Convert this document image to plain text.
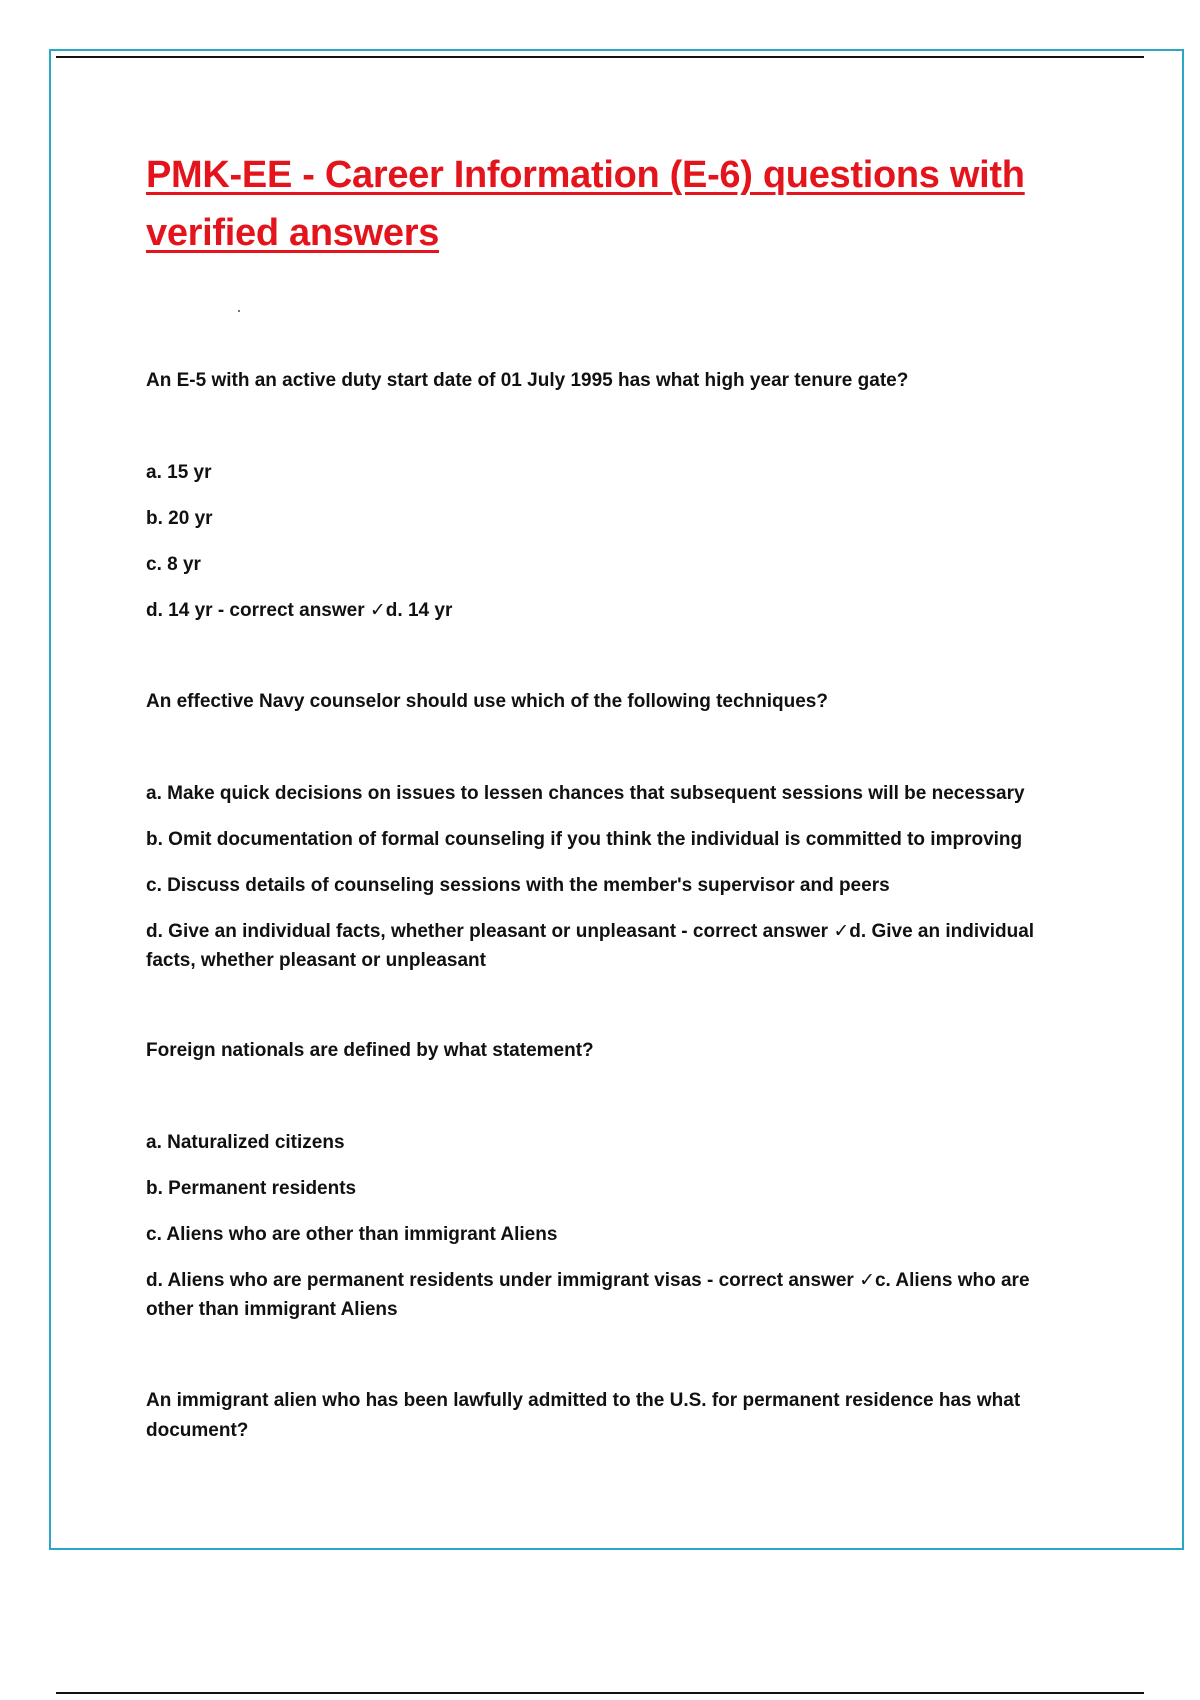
PMK-EE - Career Information (E-6) questions with verified answers

An E-5 with an active duty start date of 01 July 1995 has what high year tenure gate?

a. 15 yr

b. 20 yr

c. 8 yr

d. 14 yr - correct answer ✓d. 14 yr

An effective Navy counselor should use which of the following techniques?

a. Make quick decisions on issues to lessen chances that subsequent sessions will be necessary

b. Omit documentation of formal counseling if you think the individual is committed to improving

c. Discuss details of counseling sessions with the member's supervisor and peers

d. Give an individual facts, whether pleasant or unpleasant - correct answer ✓d. Give an individual facts, whether pleasant or unpleasant

Foreign nationals are defined by what statement?

a. Naturalized citizens

b. Permanent residents

c. Aliens who are other than immigrant Aliens

d. Aliens who are permanent residents under immigrant visas - correct answer ✓c. Aliens who are other than immigrant Aliens

An immigrant alien who has been lawfully admitted to the U.S. for permanent residence has what document?
